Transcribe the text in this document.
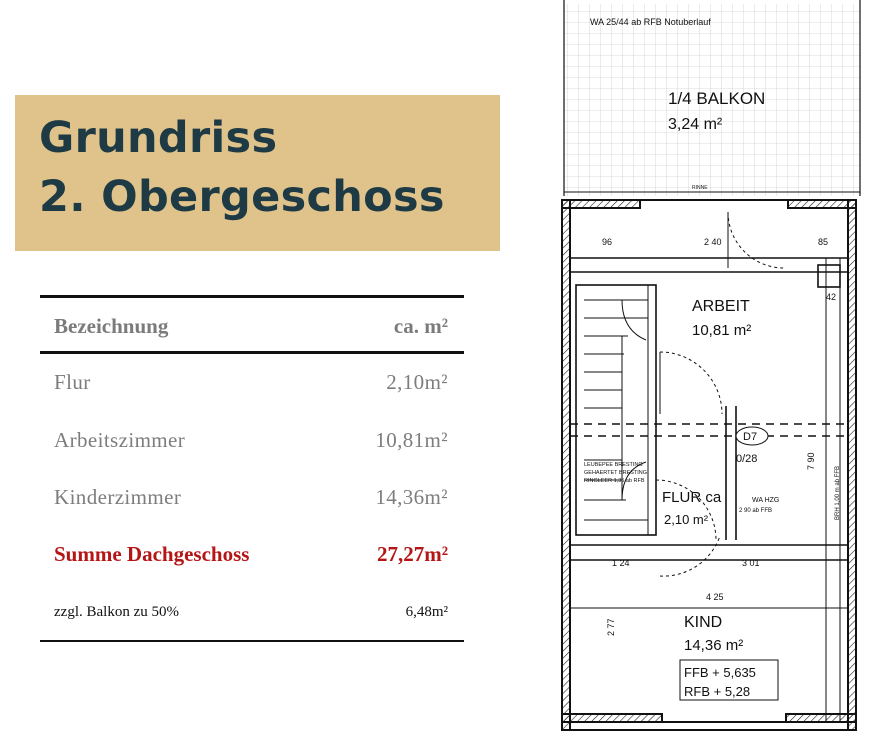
Grundriss
2. Obergeschoss
Bezeichnung	ca. m²
Flur	2,10m²
Arbeitszimmer	10,81m²
Kinderzimmer	14,36m²
Summe Dachgeschoss	27,27m²
zzgl. Balkon zu 50%	6,48m²
WA 25/44 ab RFB Notuberlauf
1/4 BALKON
3,24 m²
RINNE
ARBEIT
10,81 m²
FLUR ca
2,10 m²
KIND
14,36 m²
FFB + 5,635
RFB + 5,28
D7
0/28
2 40
96	85
42
1 24	3 01
4 25
7 90
2 77
BRH 1,00 m ab FFB
WA HZG
2 90 ab FFB
LEUBEPEE BRESTING
GEHAERTET BRESTING
RINGLEER 1,35 ab RFB
